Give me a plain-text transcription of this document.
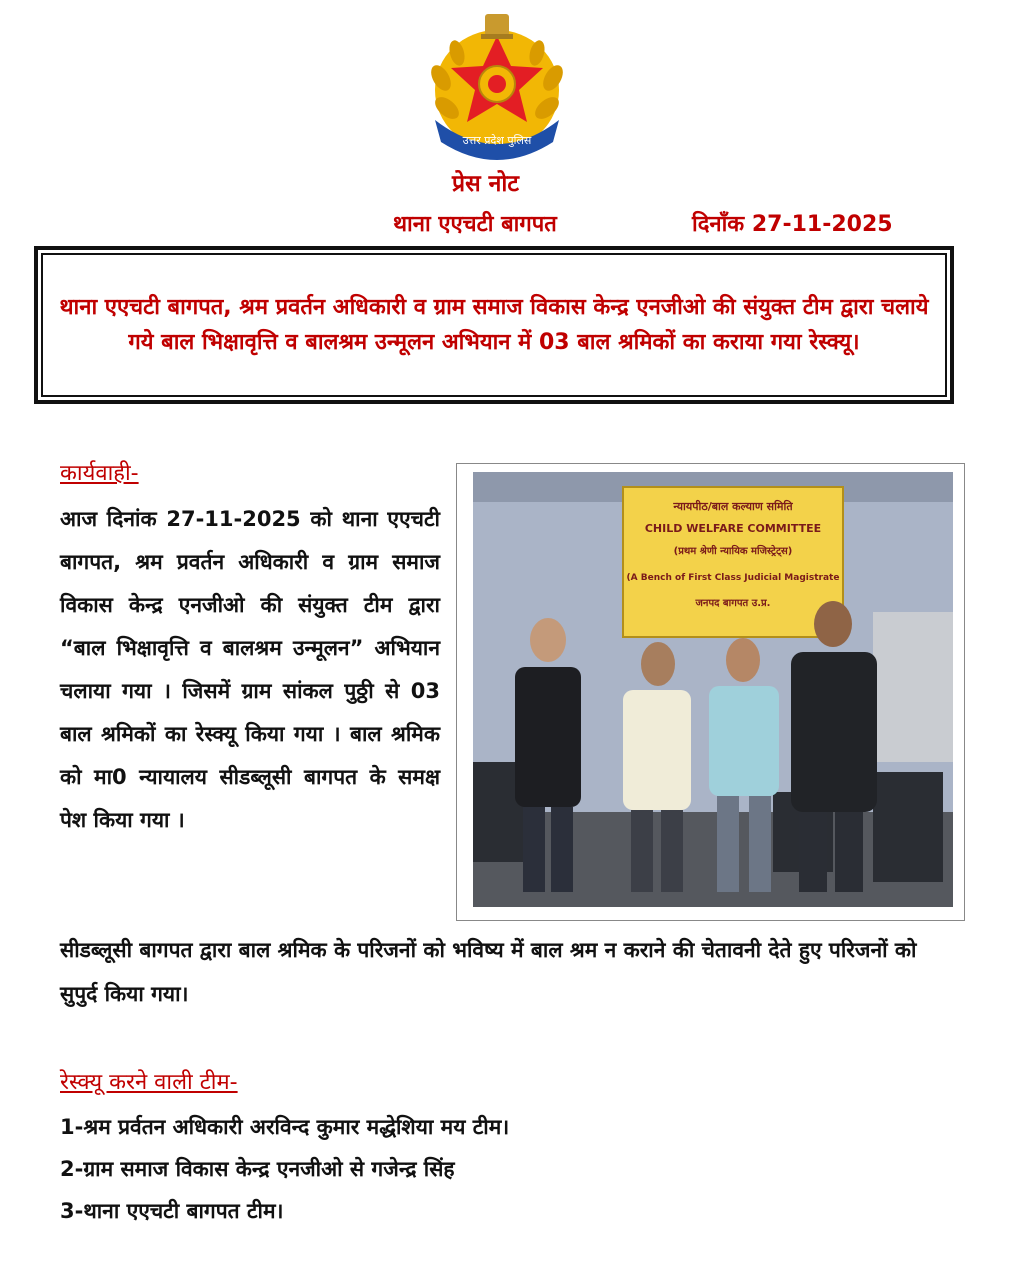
उत्तर प्रदेश पुलिस
प्रेस नोट
थाना एएचटी बागपत	दिनाँक 27-11-2025

थाना एएचटी बागपत, श्रम प्रवर्तन अधिकारी व ग्राम समाज विकास केन्द्र एनजीओ की संयुक्त टीम द्वारा चलाये गये बाल भिक्षावृत्ति व बालश्रम उन्मूलन अभियान में 03 बाल श्रमिकों का कराया गया रेस्क्यू।

कार्यवाही-

आज दिनांक 27-11-2025 को थाना एएचटी बागपत, श्रम प्रवर्तन अधिकारी व ग्राम समाज विकास केन्द्र एनजीओ की संयुक्त टीम द्वारा “बाल भिक्षावृत्ति व बालश्रम उन्मूलन” अभियान चलाया गया । जिसमें ग्राम सांकल पुठ्ठी से 03 बाल श्रमिकों का रेस्क्यू किया गया । बाल श्रमिक को मा0 न्यायालय सीडब्लूसी बागपत के समक्ष पेश किया गया ।

न्यायपीठ/बाल कल्याण समिति
CHILD WELFARE COMMITTEE
(प्रथम श्रेणी न्यायिक मजिस्ट्रेट्स)
(A Bench of First Class Judicial Magistrate
जनपद बागपत उ.प्र.

सीडब्लूसी बागपत द्वारा बाल श्रमिक के परिजनों को भविष्य में बाल श्रम न कराने की चेतावनी देते हुए परिजनों को सुपुर्द किया गया।

रेस्क्यू करने वाली टीम-
1-श्रम प्रर्वतन अधिकारी अरविन्द कुमार मद्धेशिया मय टीम।
2-ग्राम समाज विकास केन्द्र एनजीओ से गजेन्द्र सिंह
3-थाना एएचटी बागपत टीम।
